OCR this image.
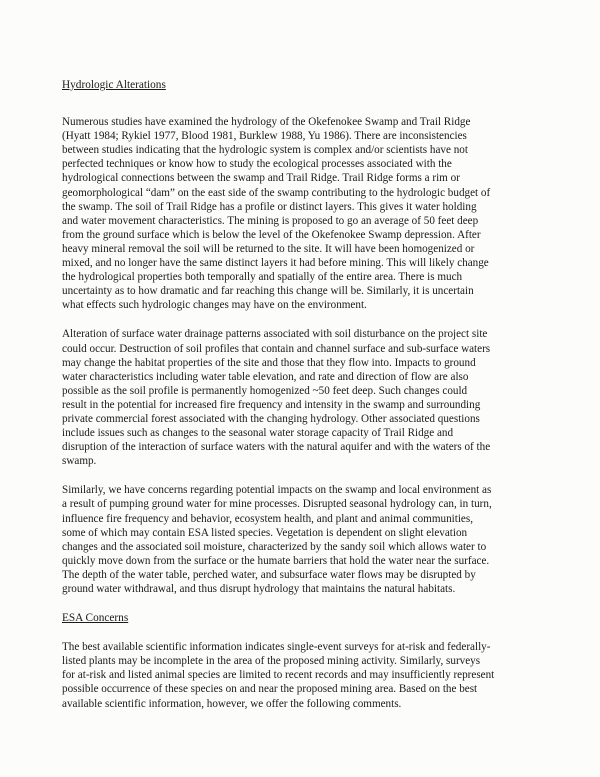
Hydrologic Alterations
Numerous studies have examined the hydrology of the Okefenokee Swamp and Trail Ridge
(Hyatt 1984; Rykiel 1977, Blood 1981, Burklew 1988, Yu 1986). There are inconsistencies
between studies indicating that the hydrologic system is complex and/or scientists have not
perfected techniques or know how to study the ecological processes associated with the
hydrological connections between the swamp and Trail Ridge. Trail Ridge forms a rim or
geomorphological “dam” on the east side of the swamp contributing to the hydrologic budget of
the swamp. The soil of Trail Ridge has a profile or distinct layers. This gives it water holding
and water movement characteristics. The mining is proposed to go an average of 50 feet deep
from the ground surface which is below the level of the Okefenokee Swamp depression. After
heavy mineral removal the soil will be returned to the site. It will have been homogenized or
mixed, and no longer have the same distinct layers it had before mining. This will likely change
the hydrological properties both temporally and spatially of the entire area. There is much
uncertainty as to how dramatic and far reaching this change will be. Similarly, it is uncertain
what effects such hydrologic changes may have on the environment.
Alteration of surface water drainage patterns associated with soil disturbance on the project site
could occur. Destruction of soil profiles that contain and channel surface and sub-surface waters
may change the habitat properties of the site and those that they flow into. Impacts to ground
water characteristics including water table elevation, and rate and direction of flow are also
possible as the soil profile is permanently homogenized ~50 feet deep. Such changes could
result in the potential for increased fire frequency and intensity in the swamp and surrounding
private commercial forest associated with the changing hydrology. Other associated questions
include issues such as changes to the seasonal water storage capacity of Trail Ridge and
disruption of the interaction of surface waters with the natural aquifer and with the waters of the
swamp.
Similarly, we have concerns regarding potential impacts on the swamp and local environment as
a result of pumping ground water for mine processes. Disrupted seasonal hydrology can, in turn,
influence fire frequency and behavior, ecosystem health, and plant and animal communities,
some of which may contain ESA listed species. Vegetation is dependent on slight elevation
changes and the associated soil moisture, characterized by the sandy soil which allows water to
quickly move down from the surface or the humate barriers that hold the water near the surface.
The depth of the water table, perched water, and subsurface water flows may be disrupted by
ground water withdrawal, and thus disrupt hydrology that maintains the natural habitats.
ESA Concerns
The best available scientific information indicates single-event surveys for at-risk and federally-
listed plants may be incomplete in the area of the proposed mining activity. Similarly, surveys
for at-risk and listed animal species are limited to recent records and may insufficiently represent
possible occurrence of these species on and near the proposed mining area. Based on the best
available scientific information, however, we offer the following comments.
